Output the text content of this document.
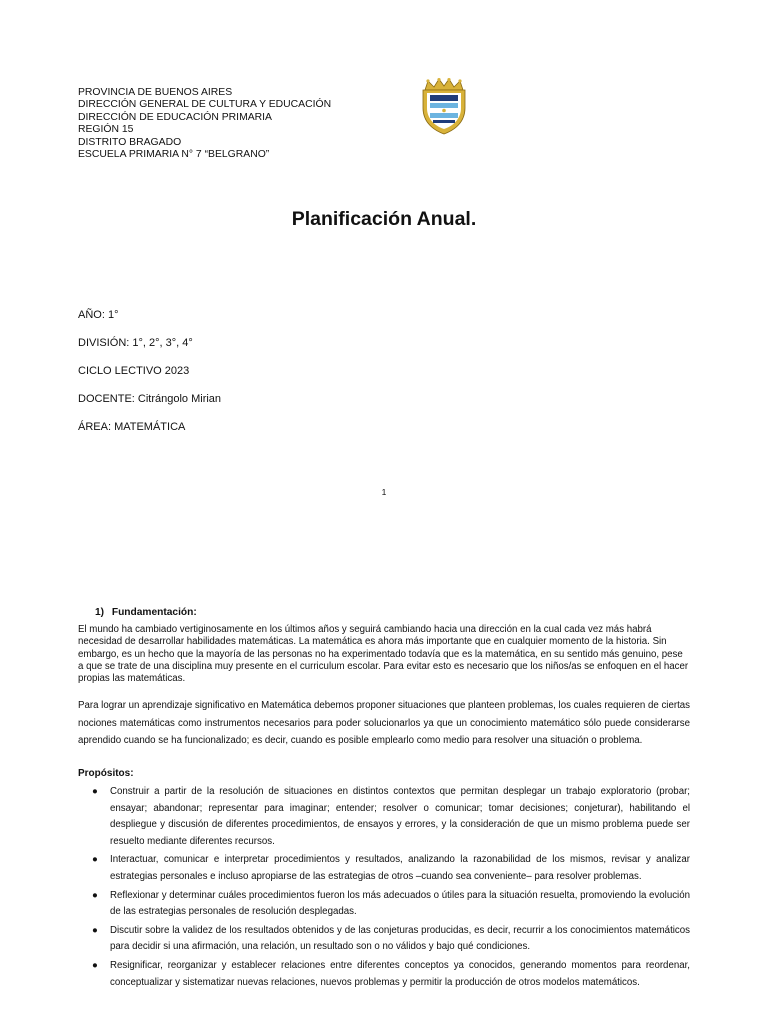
PROVINCIA DE BUENOS AIRES
DIRECCIÓN GENERAL DE CULTURA Y EDUCACIÓN
DIRECCIÓN DE EDUCACIÓN PRIMARIA
REGIÓN 15
DISTRITO BRAGADO
ESCUELA PRIMARIA N° 7 “BELGRANO”
Planificación Anual.

AÑO: 1°

DIVISIÓN: 1°, 2°, 3°, 4°

CICLO LECTIVO 2023

DOCENTE: Citrángolo Mirian

ÁREA: MATEMÁTICA

1

1) Fundamentación:

El mundo ha cambiado vertiginosamente en los últimos años y seguirá cambiando hacia una dirección en la cual cada vez más habrá necesidad de desarrollar habilidades matemáticas. La matemática es ahora más importante que en cualquier momento de la historia. Sin embargo, es un hecho que la mayoría de las personas no ha experimentado todavía que es la matemática, en su sentido más genuino, pese a que se trate de una disciplina muy presente en el curriculum escolar. Para evitar esto es necesario que los niños/as se enfoquen en el hacer propias las matemáticas.

Para lograr un aprendizaje significativo en Matemática debemos proponer situaciones que planteen problemas, los cuales requieren de ciertas nociones matemáticas como instrumentos necesarios para poder solucionarlos ya que un conocimiento matemático sólo puede considerarse aprendido cuando se ha funcionalizado; es decir, cuando es posible emplearlo como medio para resolver una situación o problema.

Propósitos:

● Construir a partir de la resolución de situaciones en distintos contextos que permitan desplegar un trabajo exploratorio (probar; ensayar; abandonar; representar para imaginar; entender; resolver o comunicar; tomar decisiones; conjeturar), habilitando el despliegue y discusión de diferentes procedimientos, de ensayos y errores, y la consideración de que un mismo problema puede ser resuelto mediante diferentes recursos.
● Interactuar, comunicar e interpretar procedimientos y resultados, analizando la razonabilidad de los mismos, revisar y analizar estrategias personales e incluso apropiarse de las estrategias de otros –cuando sea conveniente– para resolver problemas.
● Reflexionar y determinar cuáles procedimientos fueron los más adecuados o útiles para la situación resuelta, promoviendo la evolución de las estrategias personales de resolución desplegadas.
● Discutir sobre la validez de los resultados obtenidos y de las conjeturas producidas, es decir, recurrir a los conocimientos matemáticos para decidir si una afirmación, una relación, un resultado son o no válidos y bajo qué condiciones.
● Resignificar, reorganizar y establecer relaciones entre diferentes conceptos ya conocidos, generando momentos para reordenar, conceptualizar y sistematizar nuevas relaciones, nuevos problemas y permitir la producción de otros modelos matemáticos.
